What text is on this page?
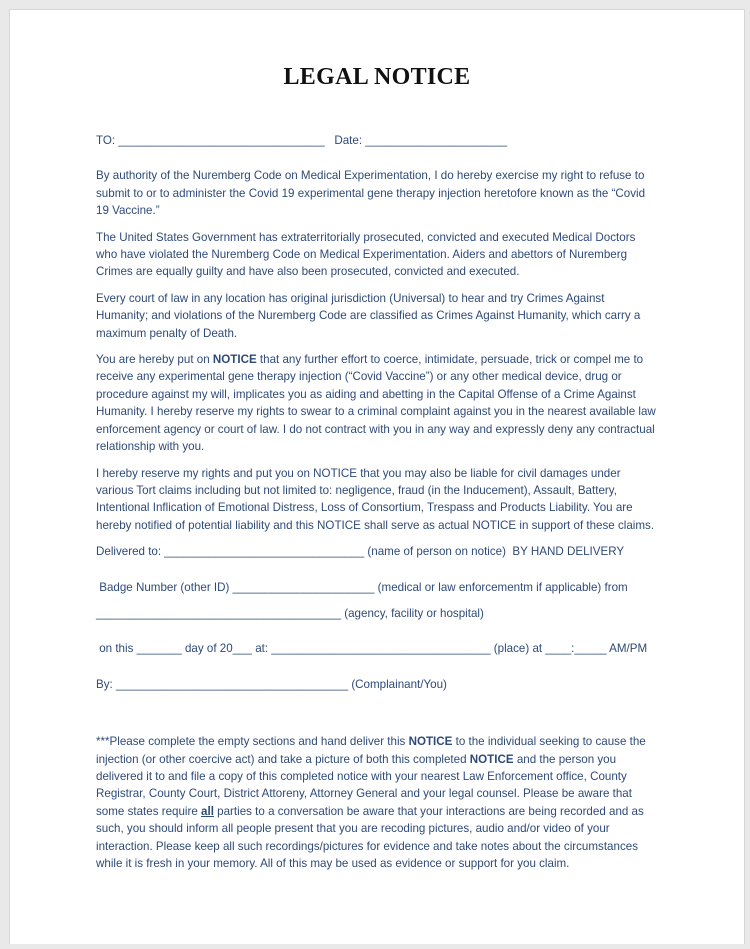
LEGAL NOTICE

TO: ________________________________   Date: ______________________

By authority of the Nuremberg Code on Medical Experimentation, I do hereby exercise my right to refuse to submit to or to administer the Covid 19 experimental gene therapy injection heretofore known as the “Covid 19 Vaccine.”

The United States Government has extraterritorially prosecuted, convicted and executed Medical Doctors who have violated the Nuremberg Code on Medical Experimentation. Aiders and abettors of Nuremberg Crimes are equally guilty and have also been prosecuted, convicted and executed.

Every court of law in any location has original jurisdiction (Universal) to hear and try Crimes Against Humanity; and violations of the Nuremberg Code are classified as Crimes Against Humanity, which carry a maximum penalty of Death.

You are hereby put on NOTICE that any further effort to coerce, intimidate, persuade, trick or compel me to receive any experimental gene therapy injection (“Covid Vaccine”) or any other medical device, drug or procedure against my will, implicates you as aiding and abetting in the Capital Offense of a Crime Against Humanity. I hereby reserve my rights to swear to a criminal complaint against you in the nearest available law enforcement agency or court of law. I do not contract with you in any way and expressly deny any contractual relationship with you.

I hereby reserve my rights and put you on NOTICE that you may also be liable for civil damages under various Tort claims including but not limited to: negligence, fraud (in the Inducement), Assault, Battery, Intentional Inflication of Emotional Distress, Loss of Consortium, Trespass and Products Liability. You are hereby notified of potential liability and this NOTICE shall serve as actual NOTICE in support of these claims.

Delivered to: _______________________________ (name of person on notice)  BY HAND DELIVERY

Badge Number (other ID) ______________________ (medical or law enforcementm if applicable) from

______________________________________ (agency, facility or hospital)

on this _______ day of 20___ at: __________________________________ (place) at ____:_____ AM/PM

By: ____________________________________ (Complainant/You)

***Please complete the empty sections and hand deliver this NOTICE to the individual seeking to cause the injection (or other coercive act) and take a picture of both this completed NOTICE and the person you delivered it to and file a copy of this completed notice with your nearest Law Enforcement office, County Registrar, County Court, District Attoreny, Attorney General and your legal counsel. Please be aware that some states require all parties to a conversation be aware that your interactions are being recorded and as such, you should inform all people present that you are recoding pictures, audio and/or video of your interaction. Please keep all such recordings/pictures for evidence and take notes about the circumstances while it is fresh in your memory. All of this may be used as evidence or support for you claim.
